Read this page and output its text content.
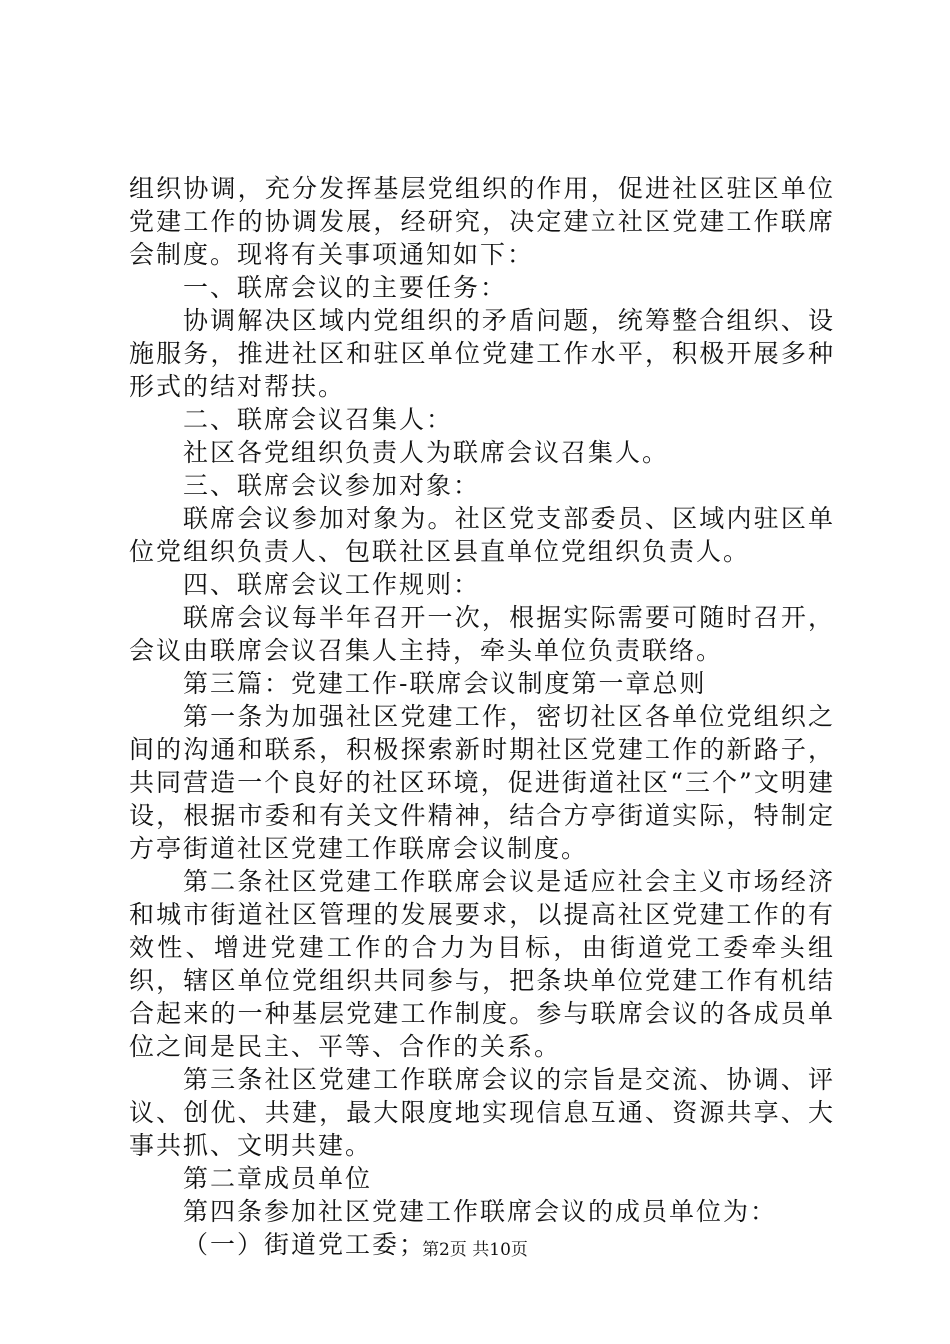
组织协调，充分发挥基层党组织的作用，促进社区驻区单位党建工作的协调发展，经研究，决定建立社区党建工作联席会制度。现将有关事项通知如下：

一、联席会议的主要任务：

协调解决区域内党组织的矛盾问题，统筹整合组织、设施服务，推进社区和驻区单位党建工作水平，积极开展多种形式的结对帮扶。

二、联席会议召集人：

社区各党组织负责人为联席会议召集人。

三、联席会议参加对象：

联席会议参加对象为。社区党支部委员、区域内驻区单位党组织负责人、包联社区县直单位党组织负责人。

四、联席会议工作规则：

联席会议每半年召开一次，根据实际需要可随时召开，会议由联席会议召集人主持，牵头单位负责联络。

第三篇：党建工作-联席会议制度第一章总则

第一条为加强社区党建工作，密切社区各单位党组织之间的沟通和联系，积极探索新时期社区党建工作的新路子，共同营造一个良好的社区环境，促进街道社区“三个”文明建设，根据市委和有关文件精神，结合方亭街道实际，特制定方亭街道社区党建工作联席会议制度。

第二条社区党建工作联席会议是适应社会主义市场经济和城市街道社区管理的发展要求，以提高社区党建工作的有效性、增进党建工作的合力为目标，由街道党工委牵头组织，辖区单位党组织共同参与，把条块单位党建工作有机结合起来的一种基层党建工作制度。参与联席会议的各成员单位之间是民主、平等、合作的关系。

第三条社区党建工作联席会议的宗旨是交流、协调、评议、创优、共建，最大限度地实现信息互通、资源共享、大事共抓、文明共建。

第二章成员单位

第四条参加社区党建工作联席会议的成员单位为：

（一）街道党工委；

第2页 共10页
